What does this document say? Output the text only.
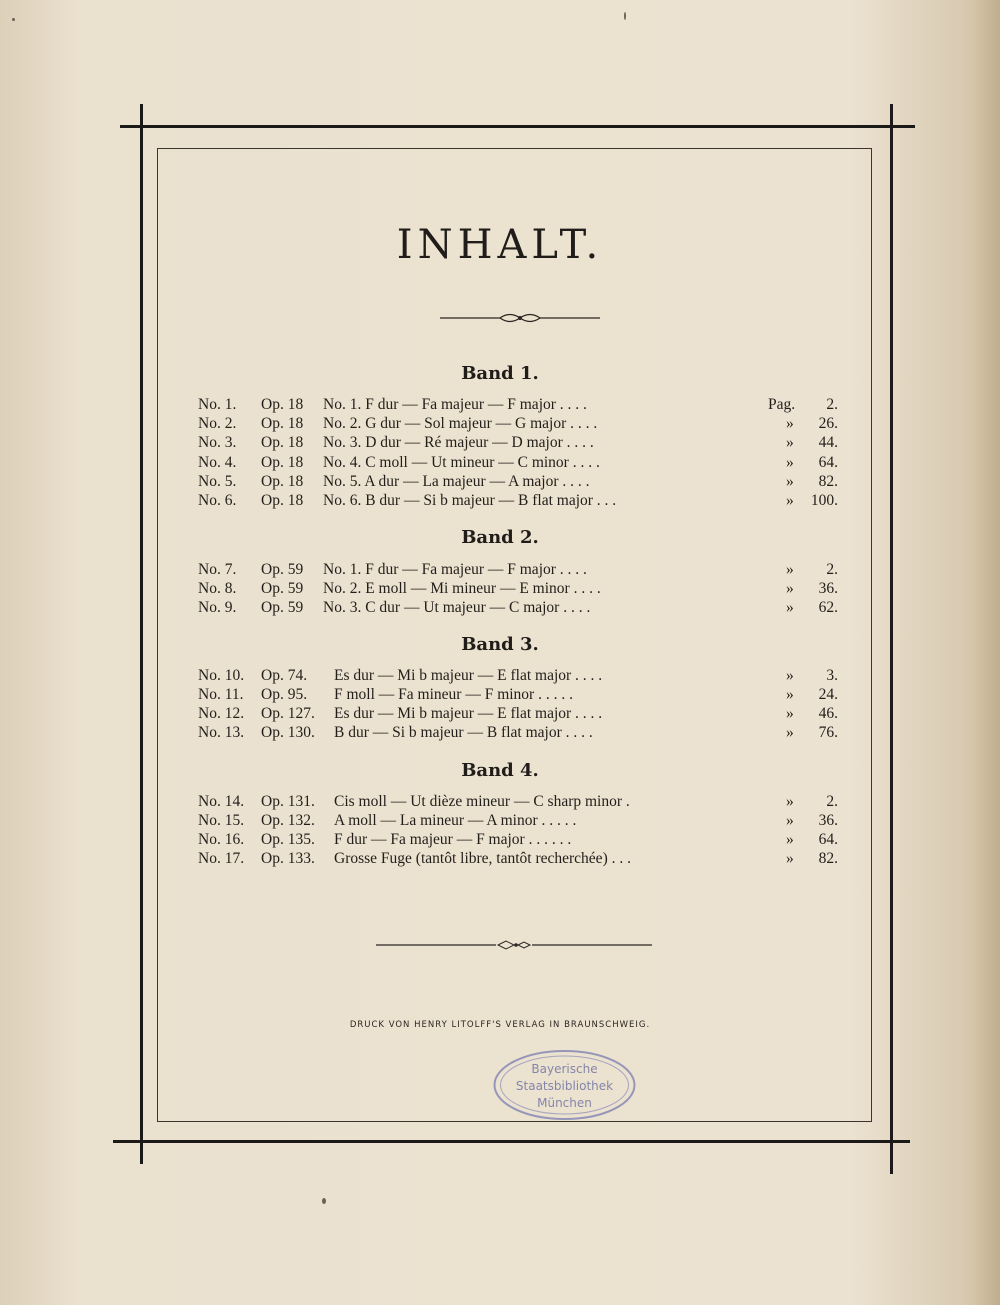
INHALT.
Band 1.
No. 1. Op. 18 No. 1. F dur — Fa majeur — F major . . . .	Pag. 2.
No. 2. Op. 18 No. 2. G dur — Sol majeur — G major . . . .	» 26.
No. 3. Op. 18 No. 3. D dur — Ré majeur — D major . . . .	» 44.
No. 4. Op. 18 No. 4. C moll — Ut mineur — C minor . . . .	» 64.
No. 5. Op. 18 No. 5. A dur — La majeur — A major . . . .	» 82.
No. 6. Op. 18 No. 6. B dur — Si b majeur — B flat major . . .	» 100.
Band 2.
No. 7. Op. 59 No. 1. F dur — Fa majeur — F major . . . .	» 2.
No. 8. Op. 59 No. 2. E moll — Mi mineur — E minor . . . .	» 36.
No. 9. Op. 59 No. 3. C dur — Ut majeur — C major . . . .	» 62.
Band 3.
No. 10. Op. 74. Es dur — Mi b majeur — E flat major . . . .	» 3.
No. 11. Op. 95. F moll — Fa mineur — F minor . . . . .	» 24.
No. 12. Op. 127. Es dur — Mi b majeur — E flat major . . . .	» 46.
No. 13. Op. 130. B dur — Si b majeur — B flat major . . . .	» 76.
Band 4.
No. 14. Op. 131. Cis moll — Ut dièze mineur — C sharp minor .	» 2.
No. 15. Op. 132. A moll — La mineur — A minor . . . . .	» 36.
No. 16. Op. 135. F dur — Fa majeur — F major . . . . . .	» 64.
No. 17. Op. 133. Grosse Fuge (tantôt libre, tantôt recherchée) . . .	» 82.
DRUCK VON HENRY LITOLFF'S VERLAG IN BRAUNSCHWEIG.
Bayerische
Staatsbibliothek
München
